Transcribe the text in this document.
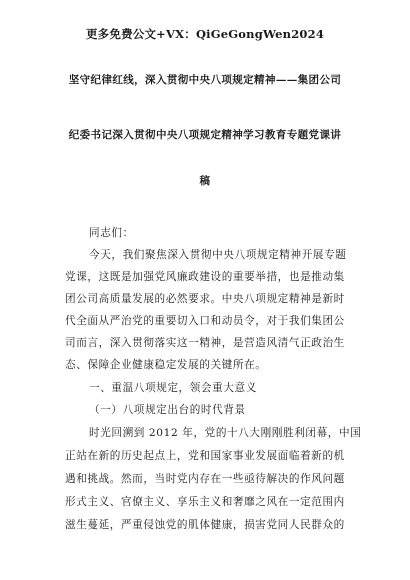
更多免费公文+VX：QiGeGongWen2024
坚守纪律红线，深入贯彻中央八项规定精神——集团公司
纪委书记深入贯彻中央八项规定精神学习教育专题党课讲
稿
同志们：
今天，我们聚焦深入贯彻中央八项规定精神开展专题
党课，这既是加强党风廉政建设的重要举措，也是推动集
团公司高质量发展的必然要求。中央八项规定精神是新时
代全面从严治党的重要切入口和动员令，对于我们集团公
司而言，深入贯彻落实这一精神，是营造风清气正政治生
态、保障企业健康稳定发展的关键所在。
一、重温八项规定，领会重大意义
（一）八项规定出台的时代背景
时光回溯到 2012 年，党的十八大刚刚胜利闭幕，中国
正站在新的历史起点上，党和国家事业发展面临着新的机
遇和挑战。然而，当时党内存在一些亟待解决的作风问题
形式主义、官僚主义、享乐主义和奢靡之风在一定范围内
滋生蔓延，严重侵蚀党的肌体健康，损害党同人民群众的
